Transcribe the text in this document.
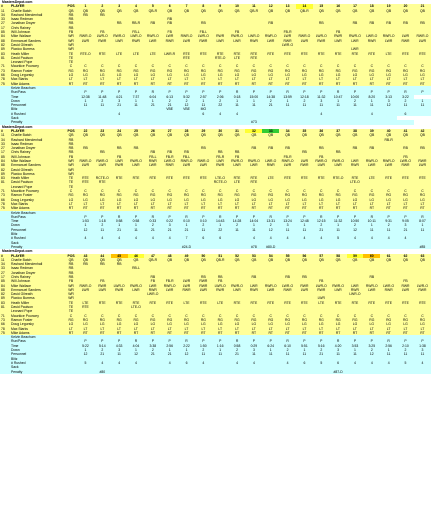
MastersDepot.com
#	PLAYER	POS	1	2	3	4	5	6	7	8	9	10	11	12	13	14	15	16	17	18	19	20	21
11	Charlie Batch	QB	QB	QB	QB	QB	QB-R	QB	QB	QB	QB	QB	QB-R	QB	QB	QB-R	QB	QB	QB	QB	QB	QB	QB
34	Rashard Mendenhall	RB	RB	RB																			
33	Isaac Redman	RB						RB															
27	Jonathan Dwyer	RB			RB	RB-R	RB	RB		RB				RB			RB		RB	RB	RB	RB	RB
17	Chris Rainey	RB																					
85	Will Johnson	FB		FB		FB-L		FB		FB-L		FB			FB-R			FB					
84	Mike Wallace	WR	RWR-O	LWR-O	RWR-O	LWR-O	RWR-O	LWR	RWR-O	LWR-O	RWR	RWR-O	LWR-O	RWR-O	LWR	RWR-O	LWR-O	RWR	RWR-O	LWR-O	RWR-O	LWR	RWR-O
88	Emmanuel Sanders	WR	LWR	RWR	LWR	RWR	LWR	RWR	LWR	RWR	LWR	LWR	RWR	LWR	RWR	LWR	RWR	LWR	LWR	RWR	LWR	RWR	LWR
82	David Gilreath	WR													LWR-O								
89	Plaxico Burress	WR																	LWR				
83	Heath Miller	TE	RTE-O	RTE	LTE	LTE	LTE	LWR-R	RTE	RTE	RTE	RTE	RTE	RTE	RTE	RTE	RTE	RTE	RTE	RTE	LTE	RTE	RTE
81	David Paulson	TE							RTE		RTE-O	LTE	RTE										
	Leonard Pope	TE																					
71	Maurkice Pouncey	C	C	C	C	C	C	C	C	C	C	C	C	C	C	C	C	C	C	C	C	C	C
73	Ramon Foster	RG	RG	RG	RG	RG	RG	RG	RG	RG	RG	RG	RG	RG	RG	RG	RG	RG	RG	RG	RG	RG	RG
66	Doug Legursky	LG	LG	LG	LG	LG	LG	LG	LG	LG	LG	LG	LG	LG	LG	LG	LG	LG	LG	LG	LG	LG	LG
78	Max Starks	LT	LT	LT	LT	LT	LT	LT	LT	LT	LT	LT	LT	LT	LT	LT	LT	LT	LT	LT	LT	LT	LT
75	Mike Adams	RT	RT	RT	RT	RT	RT	RT	RT	RT	RT	RT	RT	RT	RT	RT	RT	RT	RT	RT	RT	RT	RT
	Kelvin Beachum																						
	Run/Pass		P	P	P	P	R	P	P	P	P	R	P	P	R	P	P	R	P	P	P	R	P
	Time		12:38	11:48	4:21	7:37	6:04	6:13	5:32	2:57	2:06	0:18	15:00	14:38	13:59	12:18	11:32	10:47	10:00	8:20	3:13	3:22	
	Down		1	2	3	1	1	2	2	1	2	1	1	2	1	2	3	1	2	1	3	2	1
	Personnel		11	11	21	11	21	21	12	11	22	11	11	21	11	11	11	11	11	11	12	11	11
	Blitz							VBE	VBE	MO													
	# Rushed				4					6	4	4					4			4		6	
	Sack																						
	Penalty												#73										
MastersDepot.com
#	PLAYER	POS	22	23	24	25	26	27	28	29	30	31	32	33	34	35	36	37	38	39	40	41	42
11	Charlie Batch	QB	QB	QB	QB	QB	QB	QB	QB	QB	QB	QB	QB	QB	QB	QB	QB	QB	QB	QB	QB	QB	QB
34	Rashard Mendenhall	RB																			RB-R		
33	Isaac Redman	RB																					
27	Jonathan Dwyer	RB	RB		RB	RB				RB			RB	RB	RB		RB		RB	RB		RB	RB
17	Chris Rainey	RB		RB			RB	RB	RB		RB	RB				RB		RB					
85	Will Johnson	FB			FB		FB-L	FB-R	FB-L		FB-R	FB			FB-R		FB					FB	
84	Mike Wallace	WR	RWR-O	RWR-O	LWR	RWR-O	RWR	LWR-O	RWR-O	RWR-O	LWR	RWR-O	RWR-O	LWR-O	RWR-O	LWR	RWR-O	RWR-O	LWR	RWR-O	RWR-O	LWR-O	RWR
88	Emmanuel Sanders	WR	LWR	LWR	RWR	LWR	LWR	RWR	LWR	LWR	RWR	LWR	LWR	RWR	LWR	RWR	LWR	LWR	RWR	LWR	LWR	RWR	LWR
82	David Gilreath	WR																					
89	Plaxico Burress	WR																					
83	Heath Miller	TE	RTE	RCTE-O	RTE	RTE	RTE	RTE	RTE	RTE	LTE-O	RTE	RTE	LTE	RTE	RTE	RTE	RTE-O	RTE	LTE	RTE	RTE	RTE
81	David Paulson	TE	RTE	RTE							RCTE-O	LTE	RTE						LTE-O				
	Leonard Pope	TE																					
71	Maurkice Pouncey	C	C	C	C	C	C	C	C	C	C	C	C	C	C	C	C	C	C	C	C	C	C
73	Ramon Foster	RG	RG	RG	RG	RG	RG	RG	RG	RG	RG	RG	RG	RG	RG	RG	RG	RG	RG	RG	RG	RG	RG
66	Doug Legursky	LG	LG	LG	LG	LG	LG	LG	LG	LG	LG	LG	LG	LG	LG	LG	LG	LG	LG	LG	LG	LG	LG
78	Max Starks	LT	LT	LT	LT	LT	LT	LT	LT	LT	LT	LT	LT	LT	LT	LT	LT	LT	LT	LT	LT	LT	LT
75	Mike Adams	RT	RT	RT	RT	RT	RT	RT	RT	RT	RT	RT	RT	RT	RT	RT	RT	RT	RT	RT	RT	RT	RT
	Kelvin Beachum																						
	Run/Pass		P	P	R	P	R	P	R	P	R	P	P	R	P	P	R	P	P	R	P	P	R
	Time		1:53	1:18	0:58	0:58	0:33	0:22	0:10	0:10	14:43	14:28	14:04	13:31	13:24	12:48	12:15	11:32	10:50	10:11	9:31	9:05	8:07
	Down		1	2	1	1	2	3	1	2	1	2	1	2	3	1	2	1	2	1	2	3	1
	Personnel		12	11	21	11	21	21	21	11	22	11	11	12	11	11	21	11	12	11	11	21	11
	Blitz																						
	# Rushed		4	4	4	4	4	4	7	6	6		4	4	4	4	4	5	4	4	4	4	
	Sack																						
	Penalty								#24-D				#78	#80-D									#85
MastersDepot.com
#	PLAYER	POS	43	44	45	46	47	48	49	50	51	52	53	54	55	56	57	58	59	60	61	62	63
11	Charlie Batch	QB	QB	QB	QB	QB	QB-R	QB	QB	QB	QB-R	QB	QB	QB	QB	QB	QB	QB	QB	QB	QB	QB	QB
34	Rashard Mendenhall	RB	RB	RB	RB																		
33	Isaac Redman	RB				RB-L																	
27	Jonathan Dwyer	RB																					
17	Chris Rainey	RB					RB			RB	RB		RB		RB	RB				RB			
85	Will Johnson	FB		FB			FB	FB-R	LWR	RWR	FB						FB					FB	
84	Mike Wallace	WR	RWR-O	RWR	LWR-O	RWR-O	LWR	RWR-O	LWR	RWR	LWR-O	RWR-O	LWR	RWR-O	LWR-O	RWR	LWR-O	RWR-O	LWR	RWR-O	LWR-O	RWR	LWR-O
88	Emmanuel Sanders	WR	LWR	LWR	RWR	LWR	RWR	LWR	RWR	LWR	RWR	LWR	RWR	LWR	RWR	LWR	RWR	LWR	RWR	LWR	RWR	LWR	RWR
82	David Gilreath	WR					LWR-O												LWR-O				
89	Plaxico Burress	WR															LWR						
83	Heath Miller	TE	LTE	RTE	RTE	RTE	RTE	RTE	LTE	RTE	LTE	RTE	RTE	RTE	RTE	RTE	LTE	RTE	RTE	RTE	RTE	RTE	RTE
81	David Paulson	TE	RTE			LTE-O																	
	Leonard Pope	TE																					
71	Maurkice Pouncey	C	C	C	C	C	C	C	C	C	C	C	C	C	C	C	C	C	C	C	C	C	C
73	Ramon Foster	RG	RG	RG	RG	RG	RG	RG	RG	RG	RG	RG	RG	RG	RG	RG	RG	RG	RG	RG	RG	RG	RG
66	Doug Legursky	LG	LG	LG	LG	LG	LG	LG	LG	LG	LG	LG	LG	LG	LG	LG	LG	LG	LG	LG	LG	LG	LG
78	Max Starks	LT	LT	LT	LT	LT	LT	LT	LT	LT	LT	LT	LT	LT	LT	LT	LT	LT	LT	LT	LT	LT	LT
75	Mike Adams	RT	RT	RT	RT	RT	RT	RT	RT	RT	RT	RT	RT	RT	RT	RT	RT	RT	RT	RT	RT	RT	RT
	Kelvin Beachum																						
	Run/Pass		P	P	P	R	P	P	R	P	P	R	P	P	R	P	P	R	P	P	R	P	P
	Time		5:22	5:14	4:33	4:04	3:38	2:56	2:22	1:50	1:16	0:58	0:29	6:24	6:10	5:51	5:16	4:20	3:53	3:25	2:56	2:10	1:38
	Down		1	2	3	1	2	1	1	2	1	2	3	1	2	1	2	3	1	2	1	2	3
	Personnel		12	21	11	12	21	21	12	11	11	21	11	11	11	11	21	11	11	12	11	11	11
	Blitz																						
	# Rushed		5	4	4	4		4	6	4		4	4		4	6	5	6	4	4	4	5	4
	Sack																						
	Penalty			#80														#87-D					
